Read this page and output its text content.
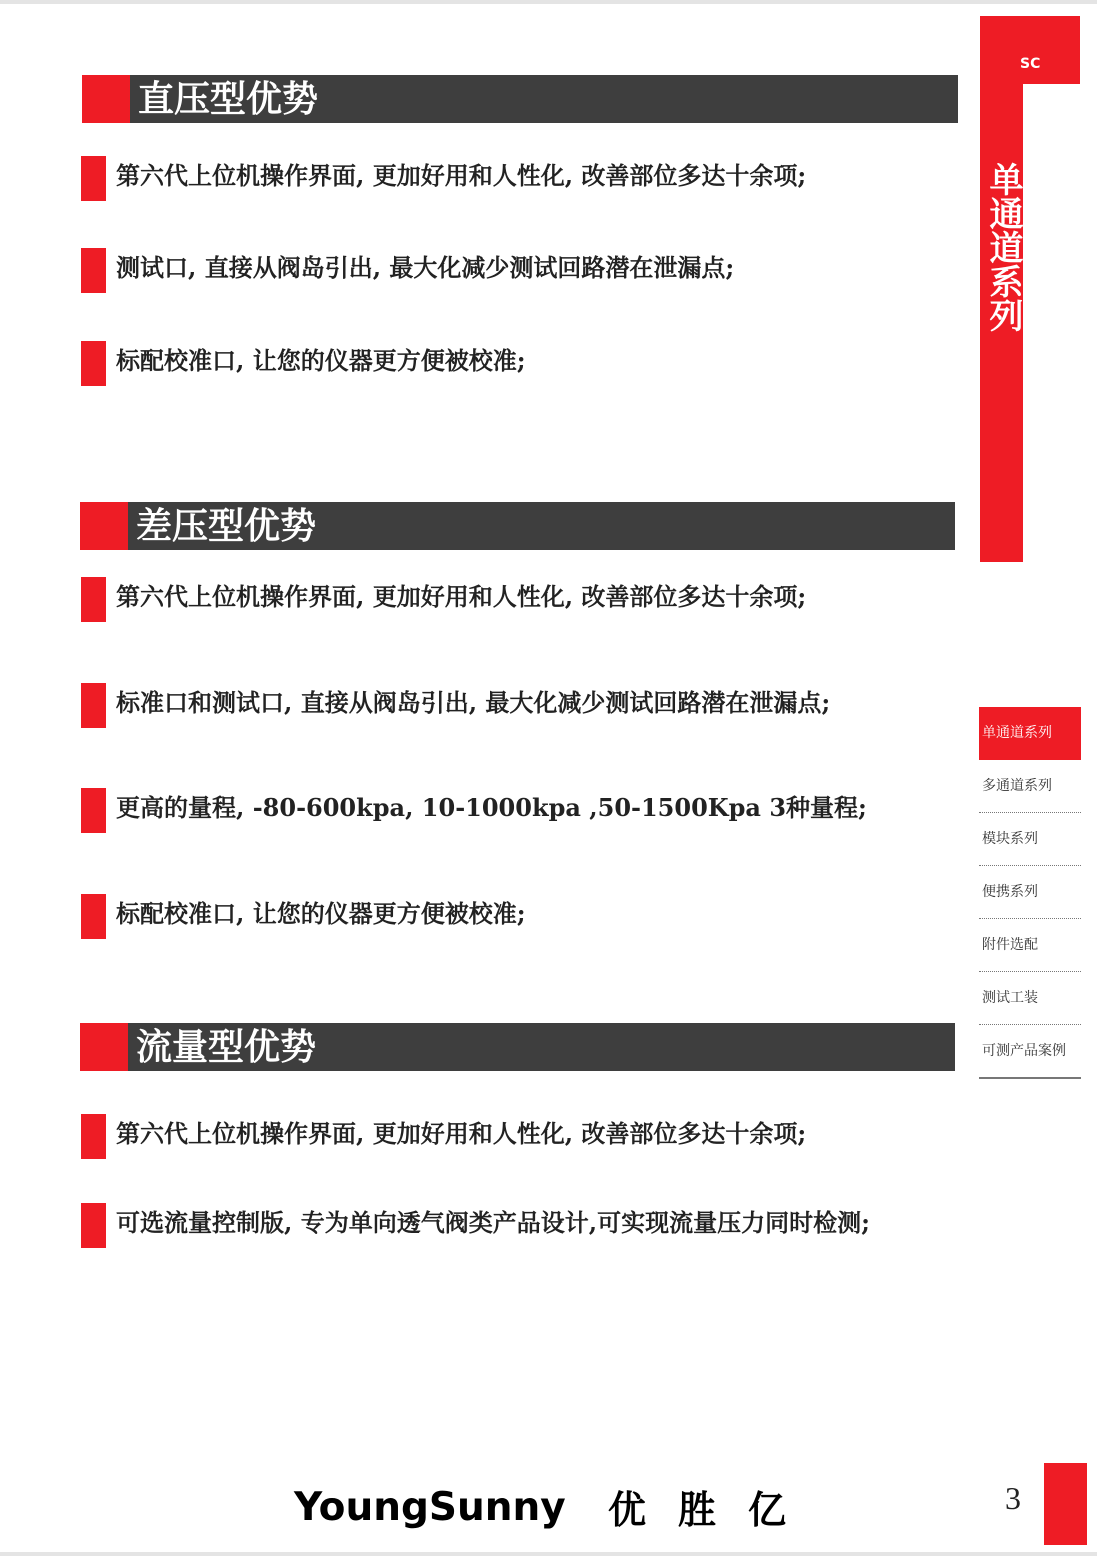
直压型优势
第六代上位机操作界面, 更加好用和人性化, 改善部位多达十余项;
测试口, 直接从阀岛引出, 最大化减少测试回路潜在泄漏点;
标配校准口, 让您的仪器更方便被校准;
差压型优势
第六代上位机操作界面, 更加好用和人性化, 改善部位多达十余项;
标准口和测试口, 直接从阀岛引出, 最大化减少测试回路潜在泄漏点;
更高的量程, -80-600kpa, 10-1000kpa ,50-1500Kpa 3种量程;
标配校准口, 让您的仪器更方便被校准;
流量型优势
第六代上位机操作界面, 更加好用和人性化, 改善部位多达十余项;
可选流量控制版, 专为单向透气阀类产品设计,可实现流量压力同时检测;
SC
单通道系列
单通道系列
多通道系列
模块系列
便携系列
附件选配
测试工装
可测产品案例
YoungSunny 优胜亿	3
